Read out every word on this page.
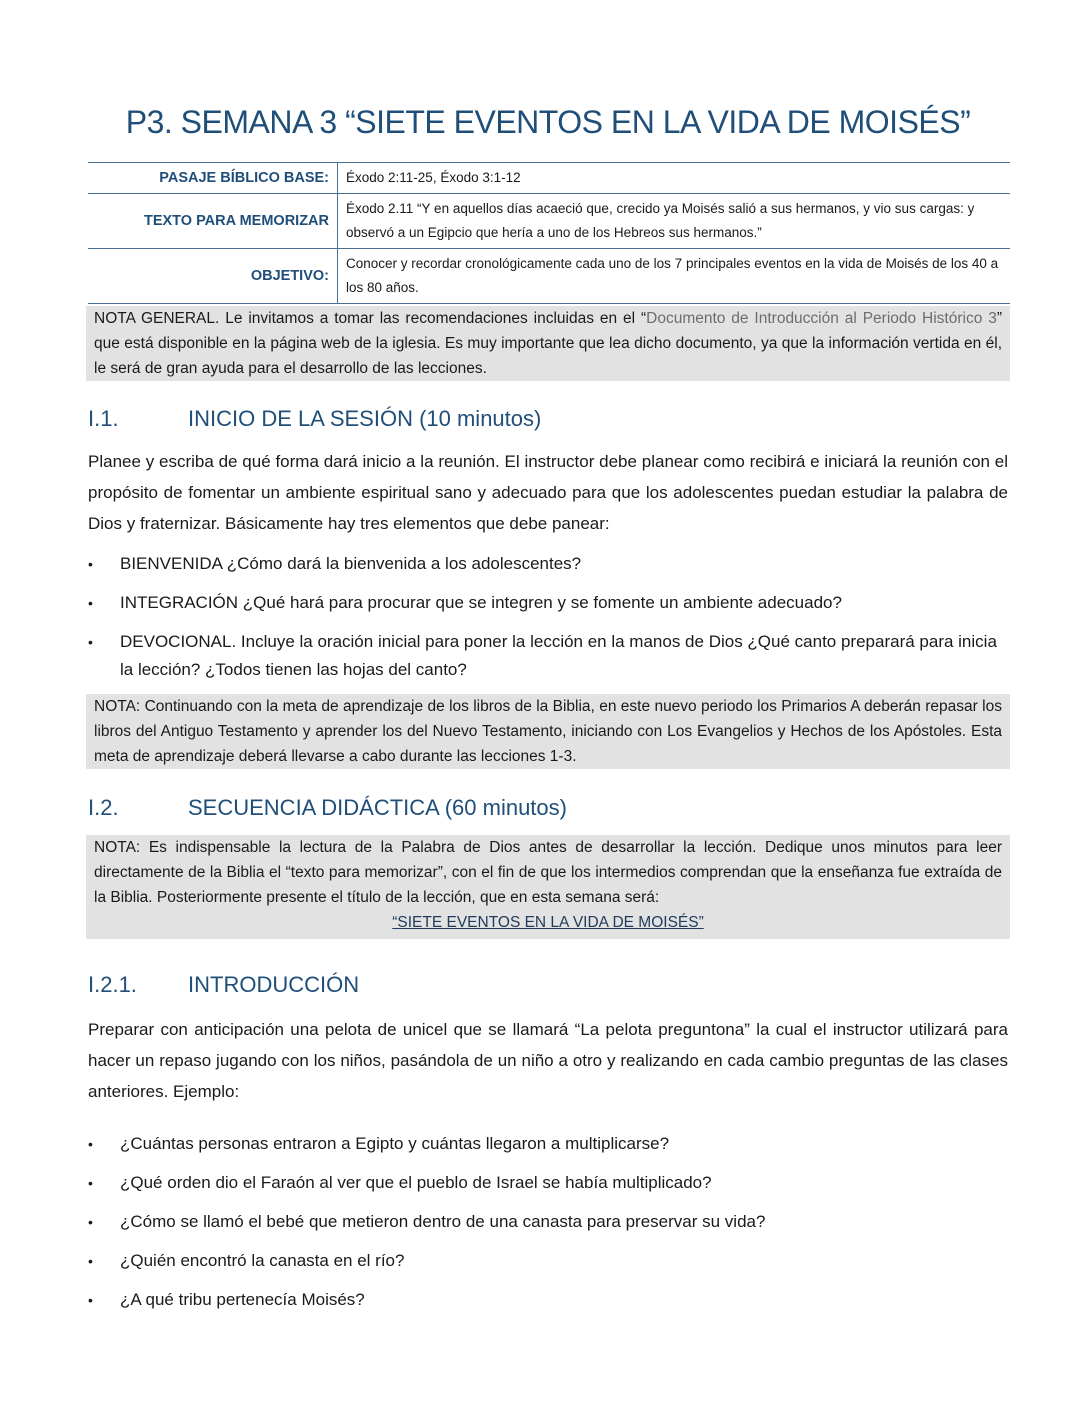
P3. SEMANA 3 “SIETE EVENTOS EN LA VIDA DE MOISÉS”
PASAJE BÍBLICO BASE:	Éxodo 2:11-25, Éxodo 3:1-12
TEXTO PARA MEMORIZAR	Éxodo 2.11 “Y en aquellos días acaeció que, crecido ya Moisés salió a sus hermanos, y vio sus cargas: y observó a un Egipcio que hería a uno de los Hebreos sus hermanos.”
OBJETIVO:	Conocer y recordar cronológicamente cada uno de los 7 principales eventos en la vida de Moisés de los 40 a los 80 años.
NOTA GENERAL. Le invitamos a tomar las recomendaciones incluidas en el “Documento de Introducción al Periodo Histórico 3” que está disponible en la página web de la iglesia. Es muy importante que lea dicho documento, ya que la información vertida en él, le será de gran ayuda para el desarrollo de las lecciones.
I.1.	INICIO DE LA SESIÓN (10 minutos)

Planee y escriba de qué forma dará inicio a la reunión. El instructor debe planear como recibirá e iniciará la reunión con el propósito de fomentar un ambiente espiritual sano y adecuado para que los adolescentes puedan estudiar la palabra de Dios y fraternizar. Básicamente hay tres elementos que debe panear:

• BIENVENIDA ¿Cómo dará la bienvenida a los adolescentes?
• INTEGRACIÓN ¿Qué hará para procurar que se integren y se fomente un ambiente adecuado?
• DEVOCIONAL. Incluye la oración inicial para poner la lección en la manos de Dios ¿Qué canto preparará para inicia la lección? ¿Todos tienen las hojas del canto?
NOTA: Continuando con la meta de aprendizaje de los libros de la Biblia, en este nuevo periodo los Primarios A deberán repasar los libros del Antiguo Testamento y aprender los del Nuevo Testamento, iniciando con Los Evangelios y Hechos de los Apóstoles. Esta meta de aprendizaje deberá llevarse a cabo durante las lecciones 1-3.
I.2.	SECUENCIA DIDÁCTICA (60 minutos)
NOTA: Es indispensable la lectura de la Palabra de Dios antes de desarrollar la lección. Dedique unos minutos para leer directamente de la Biblia el “texto para memorizar”, con el fin de que los intermedios comprendan que la enseñanza fue extraída de la Biblia. Posteriormente presente el título de la lección, que en esta semana será:
“SIETE EVENTOS EN LA VIDA DE MOISÉS”
I.2.1. INTRODUCCIÓN

Preparar con anticipación una pelota de unicel que se llamará “La pelota preguntona” la cual el instructor utilizará para hacer un repaso jugando con los niños, pasándola de un niño a otro y realizando en cada cambio preguntas de las clases anteriores. Ejemplo:

• ¿Cuántas personas entraron a Egipto y cuántas llegaron a multiplicarse?
• ¿Qué orden dio el Faraón al ver que el pueblo de Israel se había multiplicado?
• ¿Cómo se llamó el bebé que metieron dentro de una canasta para preservar su vida?
• ¿Quién encontró la canasta en el río?
• ¿A qué tribu pertenecía Moisés?
